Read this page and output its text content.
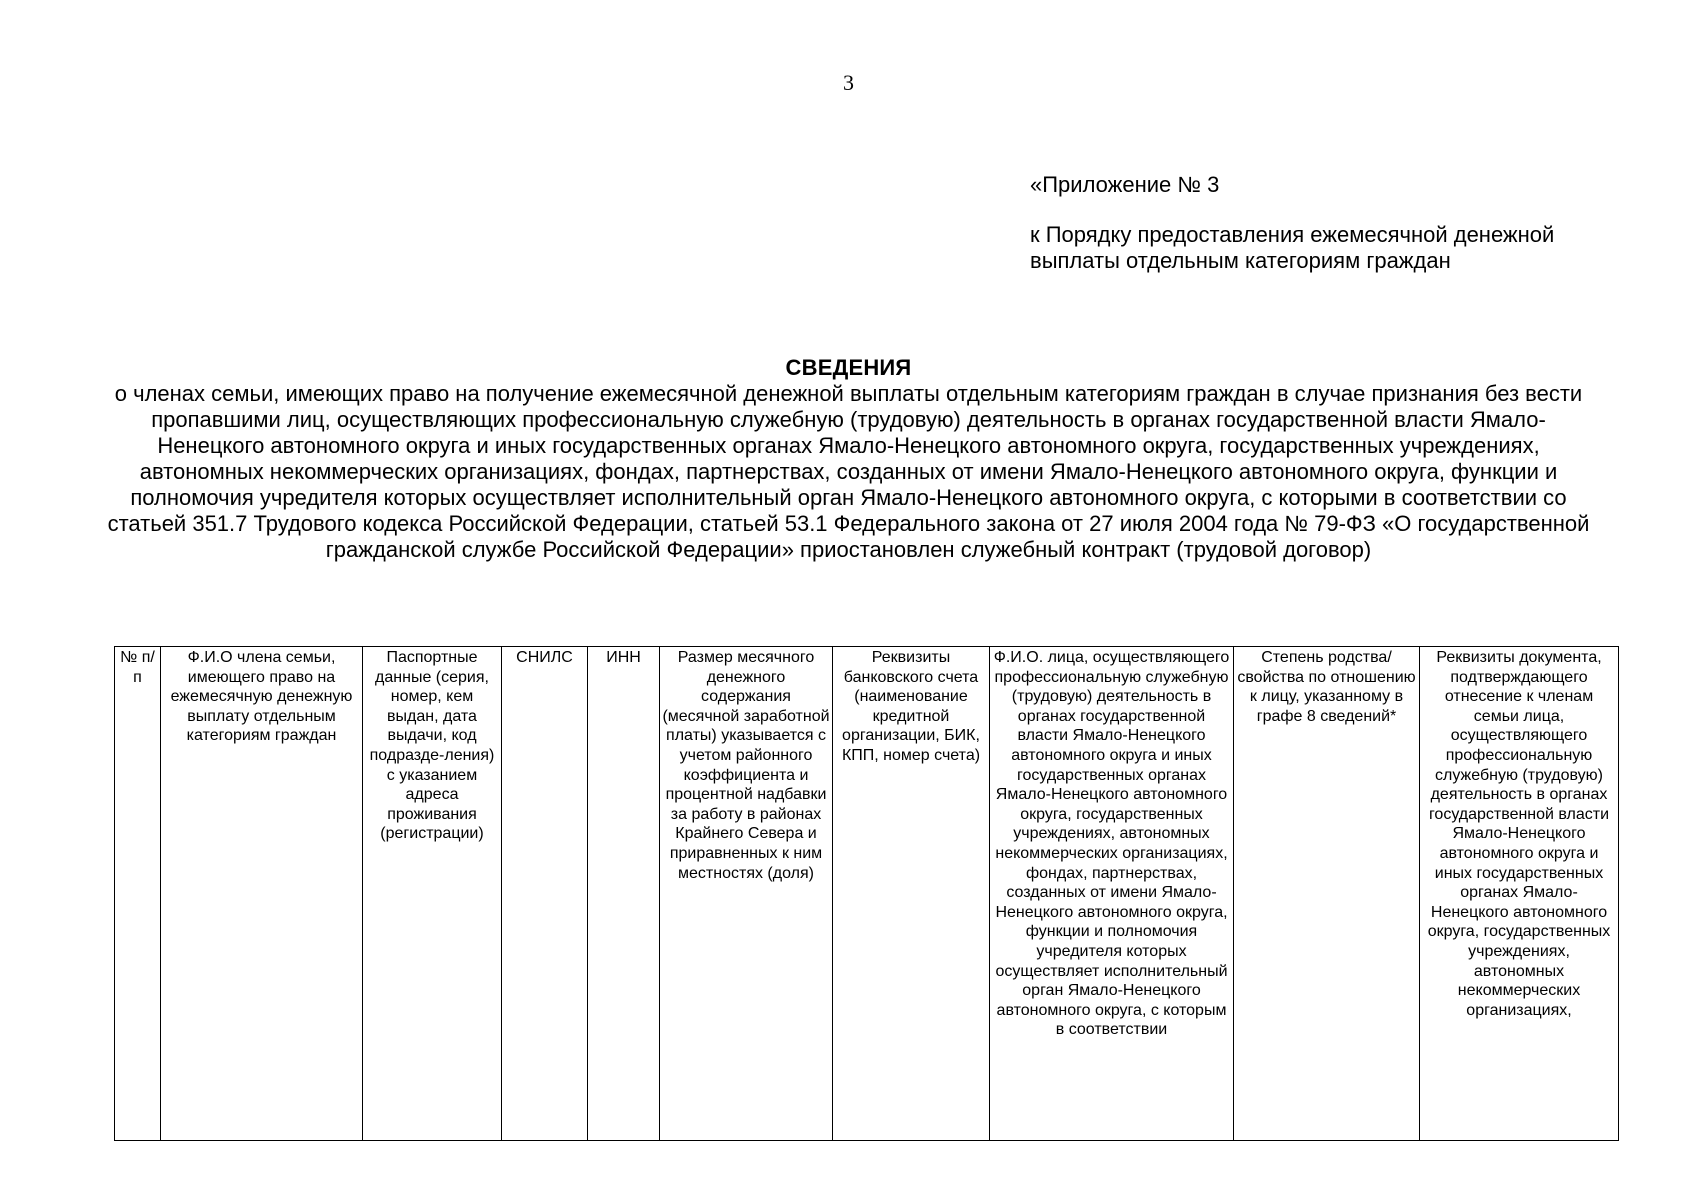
3

«Приложение № 3

к Порядку предоставления ежемесячной денежной выплаты отдельным категориям граждан

СВЕДЕНИЯ

о членах семьи, имеющих право на получение ежемесячной денежной выплаты отдельным категориям граждан в случае признания без вести пропавшими лиц, осуществляющих профессиональную служебную (трудовую) деятельность в органах государственной власти Ямало-Ненецкого автономного округа и иных государственных органах Ямало-Ненецкого автономного округа, государственных учреждениях, автономных некоммерческих организациях, фондах, партнерствах, созданных от имени Ямало-Ненецкого автономного округа, функции и полномочия учредителя которых осуществляет исполнительный орган Ямало-Ненецкого автономного округа, с которыми в соответствии со статьей 351.7 Трудового кодекса Российской Федерации, статьей 53.1 Федерального закона от 27 июля 2004 года № 79-ФЗ «О государственной гражданской службе Российской Федерации» приостановлен служебный контракт (трудовой договор)

№ п/п	Ф.И.О члена семьи, имеющего право на ежемесячную денежную выплату отдельным категориям граждан	Паспортные данные (серия, номер, кем выдан, дата выдачи, код подразде-ления) с указанием адреса проживания (регистрации)	СНИЛС	ИНН	Размер месячного денежного содержания (месячной заработной платы) указывается с учетом районного коэффициента и процентной надбавки за работу в районах Крайнего Севера и приравненных к ним местностях (доля)	Реквизиты банковского счета (наименование кредитной организации, БИК, КПП, номер счета)	Ф.И.О. лица, осуществляющего профессиональную служебную (трудовую) деятельность в органах государственной власти Ямало-Ненецкого автономного округа и иных государственных органах Ямало-Ненецкого автономного округа, государственных учреждениях, автономных некоммерческих организациях, фондах, партнерствах, созданных от имени Ямало-Ненецкого автономного округа, функции и полномочия учредителя которых осуществляет исполнительный орган Ямало-Ненецкого автономного округа, с которым в соответствии	Степень родства/свойства по отношению к лицу, указанному в графе 8 сведений*	Реквизиты документа, подтверждающего отнесение к членам семьи лица, осуществляющего профессиональную служебную (трудовую) деятельность в органах государственной власти Ямало-Ненецкого автономного округа и иных государственных органах Ямало-Ненецкого автономного округа, государственных учреждениях, автономных некоммерческих организациях,
